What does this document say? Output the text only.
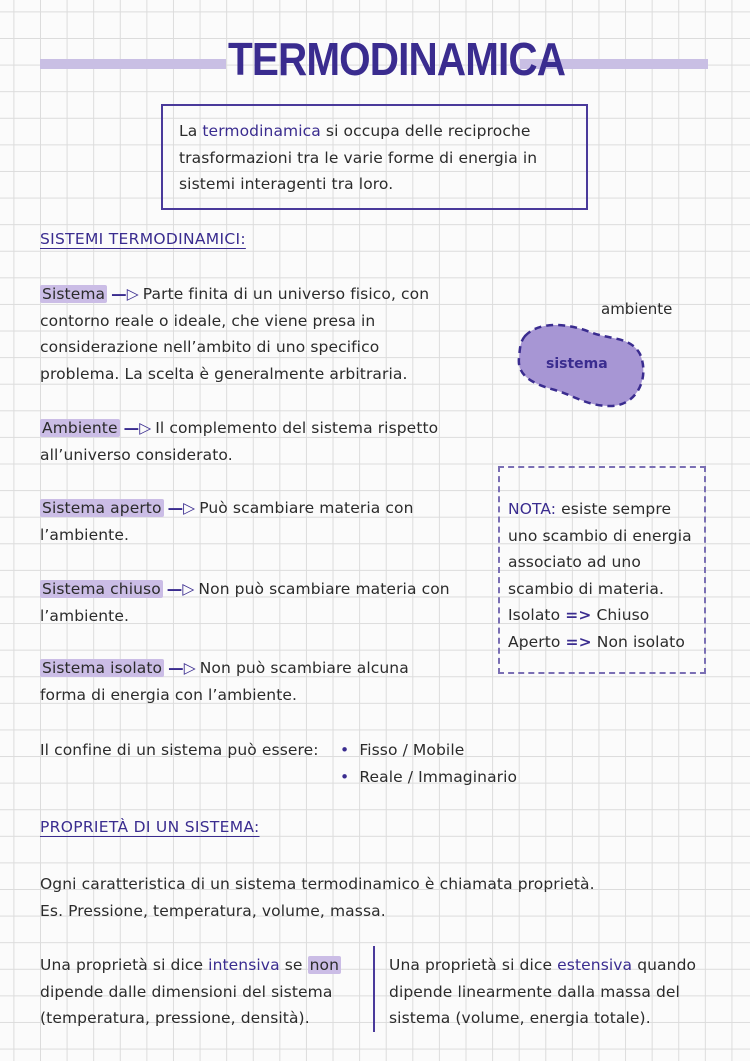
TERMODINAMICA
La termodinamica si occupa delle reciproche
trasformazioni tra le varie forme di energia in
sistemi interagenti tra loro.
SISTEMI TERMODINAMICI:
Sistema —▷ Parte finita di un universo fisico, con
contorno reale o ideale, che viene presa in
considerazione nell’ambito di uno specifico
problema. La scelta è generalmente arbitraria.
ambiente
sistema
Ambiente —▷ Il complemento del sistema rispetto
all’universo considerato.
Sistema aperto —▷ Può scambiare materia con
l’ambiente.
Sistema chiuso —▷ Non può scambiare materia con
l’ambiente.
Sistema isolato —▷ Non può scambiare alcuna
forma di energia con l’ambiente.
NOTA: esiste sempre
uno scambio di energia
associato ad uno
scambio di materia.
Isolato => Chiuso
Aperto => Non isolato
Il confine di un sistema può essere: • Fisso / Mobile
• Reale / Immaginario
PROPRIETÀ DI UN SISTEMA:
Ogni caratteristica di un sistema termodinamico è chiamata proprietà.
Es. Pressione, temperatura, volume, massa.
Una proprietà si dice intensiva se non
dipende dalle dimensioni del sistema
(temperatura, pressione, densità).
Una proprietà si dice estensiva quando
dipende linearmente dalla massa del
sistema (volume, energia totale).
